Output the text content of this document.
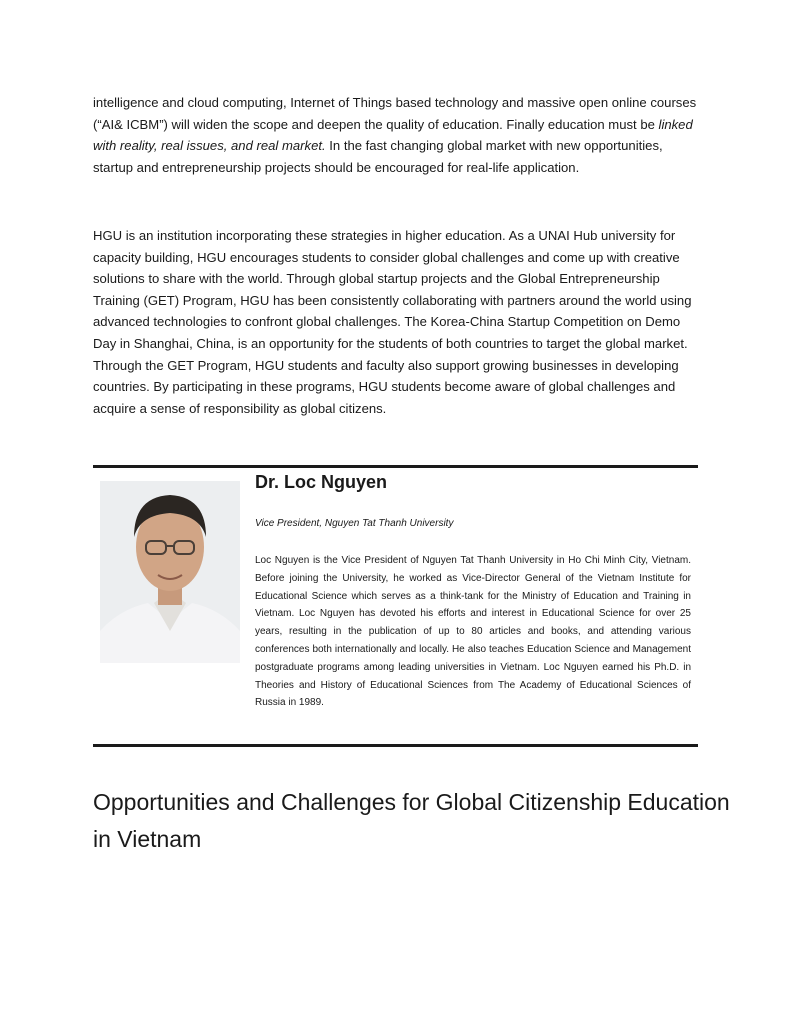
intelligence and cloud computing, Internet of Things based technology and massive open online courses (“AI& ICBM”) will widen the scope and deepen the quality of education. Finally education must be linked with reality, real issues, and real market. In the fast changing global market with new opportunities, startup and entrepreneurship projects should be encouraged for real-life application.

HGU is an institution incorporating these strategies in higher education. As a UNAI Hub university for capacity building, HGU encourages students to consider global challenges and come up with creative solutions to share with the world. Through global startup projects and the Global Entrepreneurship Training (GET) Program, HGU has been consistently collaborating with partners around the world using advanced technologies to confront global challenges. The Korea-China Startup Competition on Demo Day in Shanghai, China, is an opportunity for the students of both countries to target the global market. Through the GET Program, HGU students and faculty also support growing businesses in developing countries. By participating in these programs, HGU students become aware of global challenges and acquire a sense of responsibility as global citizens.

Dr. Loc Nguyen

Vice President, Nguyen Tat Thanh University

Loc Nguyen is the Vice President of Nguyen Tat Thanh University in Ho Chi Minh City, Vietnam. Before joining the University, he worked as Vice-Director General of the Vietnam Institute for Educational Science which serves as a think-tank for the Ministry of Education and Training in Vietnam. Loc Nguyen has devoted his efforts and interest in Educational Science for over 25 years, resulting in the publication of up to 80 articles and books, and attending various conferences both internationally and locally. He also teaches Education Science and Management postgraduate programs among leading universities in Vietnam. Loc Nguyen earned his Ph.D. in Theories and History of Educational Sciences from The Academy of Educational Sciences of Russia in 1989.

Opportunities and Challenges for Global Citizenship Education in Vietnam
